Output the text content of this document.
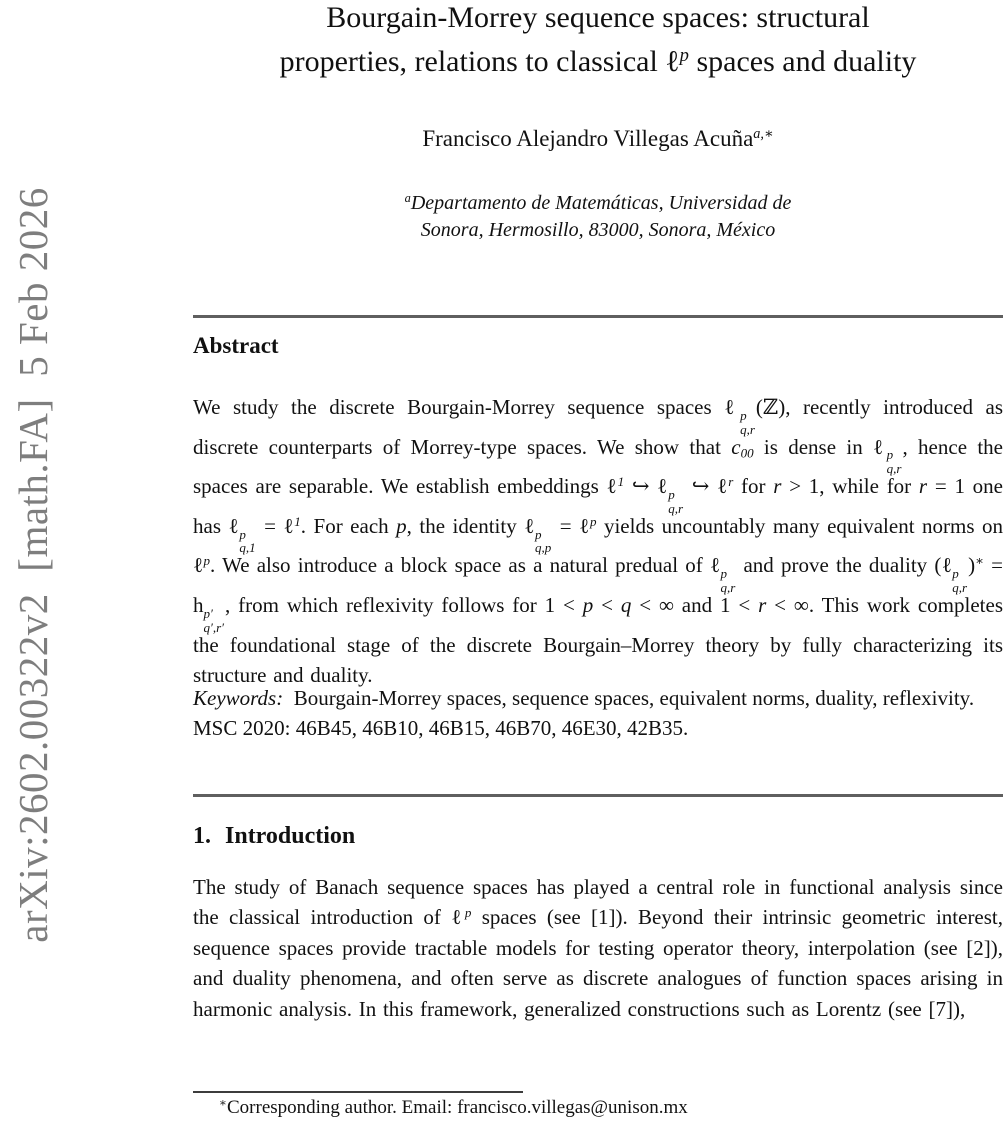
arXiv:2602.00322v2  [math.FA]  5 Feb 2026
Bourgain-Morrey sequence spaces: structural
properties, relations to classical ℓ$^p$ spaces and duality
Francisco Alejandro Villegas Acuña$^{a,∗}$
$^a$Departamento de Matemáticas, Universidad de
Sonora, Hermosillo, 83000, Sonora, México
Abstract
We study the discrete Bourgain-Morrey sequence spaces ℓ p
q,r
(ℤ), recently introduced as discrete counterparts of Morrey-type spaces. We show that $c_{00}$ is dense in ℓ p
q,r
, hence the spaces are separable. We establish embeddings ℓ$^1$ ↪ ℓ p
q,r
↪ ℓ$^r$ for r > 1, while for r = 1 one has ℓ p
q,1
= ℓ$^1$. For each p, the identity ℓ p
q,p
= ℓ$^p$ yields uncountably many equivalent norms on ℓ$^p$. We also introduce a block space as a natural predual of ℓ p
q,r
and prove the duality (ℓ p
q,r
)∗ = h p′
q′,r′
, from which reflexivity follows for 1 < p < q < ∞ and 1 < r < ∞. This work completes the foundational stage of the discrete Bourgain–Morrey theory by fully characterizing its structure and duality.
Keywords:  Bourgain-Morrey spaces, sequence spaces, equivalent norms, duality, reflexivity.
MSC 2020: 46B45, 46B10, 46B15, 46B70, 46E30, 42B35.
1. Introduction
The study of Banach sequence spaces has played a central role in functional analysis since the classical introduction of ℓ$^p$ spaces (see [1]). Beyond their intrinsic geometric interest, sequence spaces provide tractable models for testing operator theory, interpolation (see [2]), and duality phenomena, and often serve as discrete analogues of function spaces arising in harmonic analysis. In this framework, generalized constructions such as Lorentz (see [7]),
∗Corresponding author. Email: francisco.villegas@unison.mx
